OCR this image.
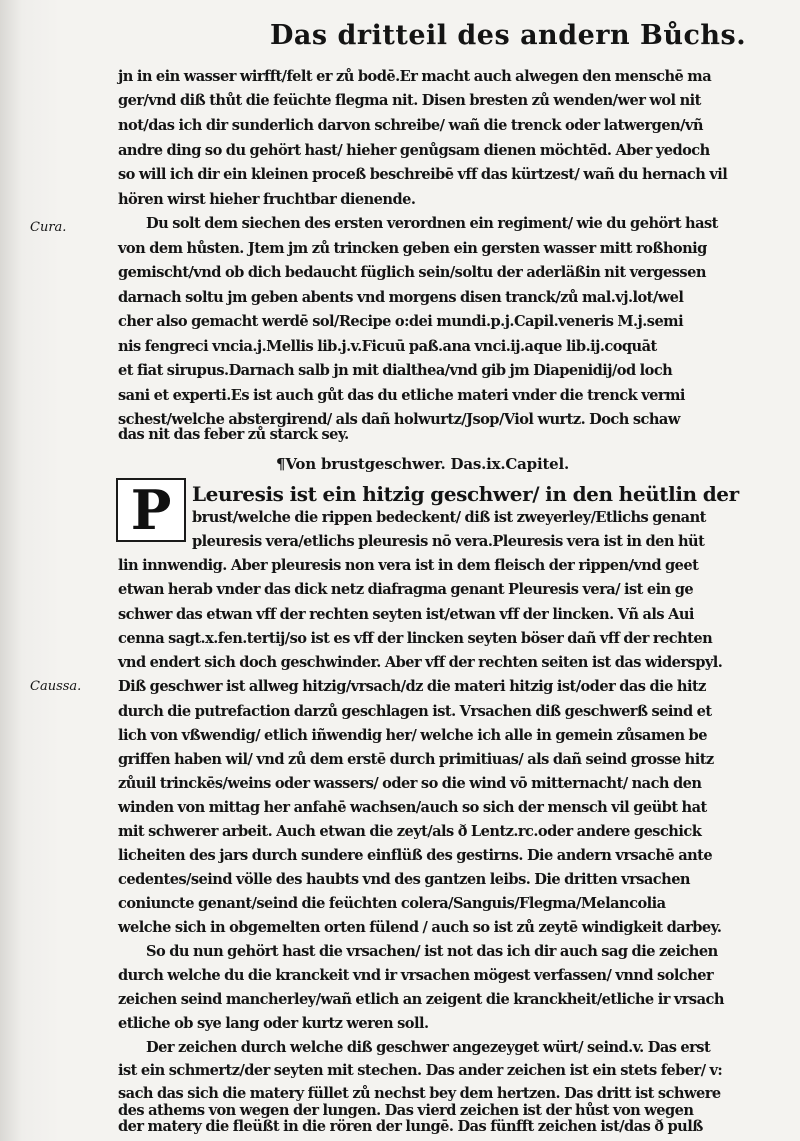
Das dritteil des andern Bůchs.
jn in ein wasser wirfft/felt er zů bodē.Er macht auch alwegen den menschē ma
ger/vnd diß thůt die feüchte flegma nit. Disen bresten zů wenden/wer wol nit
not/das ich dir sunderlich darvon schreibe/ wañ die trenck oder latwergen/vñ
andre ding so du gehört hast/ hieher genůgsam dienen möchtēd. Aber yedoch
so will ich dir ein kleinen proceß beschreibē vff das kürtzest/ wañ du hernach vil
hören wirst hieher fruchtbar dienende.
Cura.	Du solt dem siechen des ersten verordnen ein regiment/ wie du gehört hast
von dem hůsten. Jtem jm zů trincken geben ein gersten wasser mitt roßhonig
gemischt/vnd ob dich bedaucht füglich sein/soltu der aderläßin nit vergessen
darnach soltu jm geben abents vnd morgens disen tranck/zů mal.vj.lot/wel
cher also gemacht werdē sol/Recipe o:dei mundi.p.j.Capil.veneris M.j.semi
nis fengreci vncia.j.Mellis lib.j.v.Ficuū paß.ana vnci.ij.aque lib.ij.coquāt
et fiat sirupus.Darnach salb jn mit dialthea/vnd gib jm Diapenidij/od loch
sani et experti.Es ist auch gůt das du etliche materi vnder die trenck vermi
schest/welche abstergirend/ als dañ holwurtz/Jsop/Viol wurtz. Doch schaw
das nit das feber zů starck sey.
¶Von brustgeschwer. Das.ix.Capitel.
P Leuresis ist ein hitzig geschwer/ in den heütlin der
brust/welche die rippen bedeckent/ diß ist zweyerley/Etlichs genant
pleuresis vera/etlichs pleuresis nō vera.Pleuresis vera ist in den hüt
lin innwendig. Aber pleuresis non vera ist in dem fleisch der rippen/vnd geet
etwan herab vnder das dick netz diafragma genant Pleuresis vera/ ist ein ge
schwer das etwan vff der rechten seyten ist/etwan vff der lincken. Vñ als Aui
cenna sagt.x.fen.tertij/so ist es vff der lincken seyten böser dañ vff der rechten
vnd endert sich doch geschwinder. Aber vff der rechten seiten ist das widerspyl.
Caussa.	Diß geschwer ist allweg hitzig/vrsach/dz die materi hitzig ist/oder das die hitz
durch die putrefaction darzů geschlagen ist. Vrsachen diß geschwerß seind et
lich von vßwendig/ etlich iñwendig her/ welche ich alle in gemein zůsamen be
griffen haben wil/ vnd zů dem erstē durch primitiuas/ als dañ seind grosse hitz
zůuil trinckēs/weins oder wassers/ oder so die wind vō mitternacht/ nach den
winden von mittag her anfahē wachsen/auch so sich der mensch vil geübt hat
mit schwerer arbeit. Auch etwan die zeyt/als ð Lentz.rc.oder andere geschick
licheiten des jars durch sundere einflüß des gestirns. Die andern vrsachē ante
cedentes/seind völle des haubts vnd des gantzen leibs. Die dritten vrsachen
coniuncte genant/seind die feüchten colera/Sanguis/Flegma/Melancolia
welche sich in obgemelten orten fülend / auch so ist zů zeytē windigkeit darbey.
So du nun gehört hast die vrsachen/ ist not das ich dir auch sag die zeichen
durch welche du die kranckeit vnd ir vrsachen mögest verfassen/ vnnd solcher
zeichen seind mancherley/wañ etlich an zeigent die kranckheit/etliche ir vrsach
etliche ob sye lang oder kurtz weren soll.
Der zeichen durch welche diß geschwer angezeyget würt/ seind.v. Das erst
ist ein schmertz/der seyten mit stechen. Das ander zeichen ist ein stets feber/ v:
sach das sich die matery füllet zů nechst bey dem hertzen. Das dritt ist schwere
des athems von wegen der lungen. Das vierd zeichen ist der hůst von wegen
der matery die fleüßt in die rören der lungē. Das fünfft zeichen ist/das ð pulß
